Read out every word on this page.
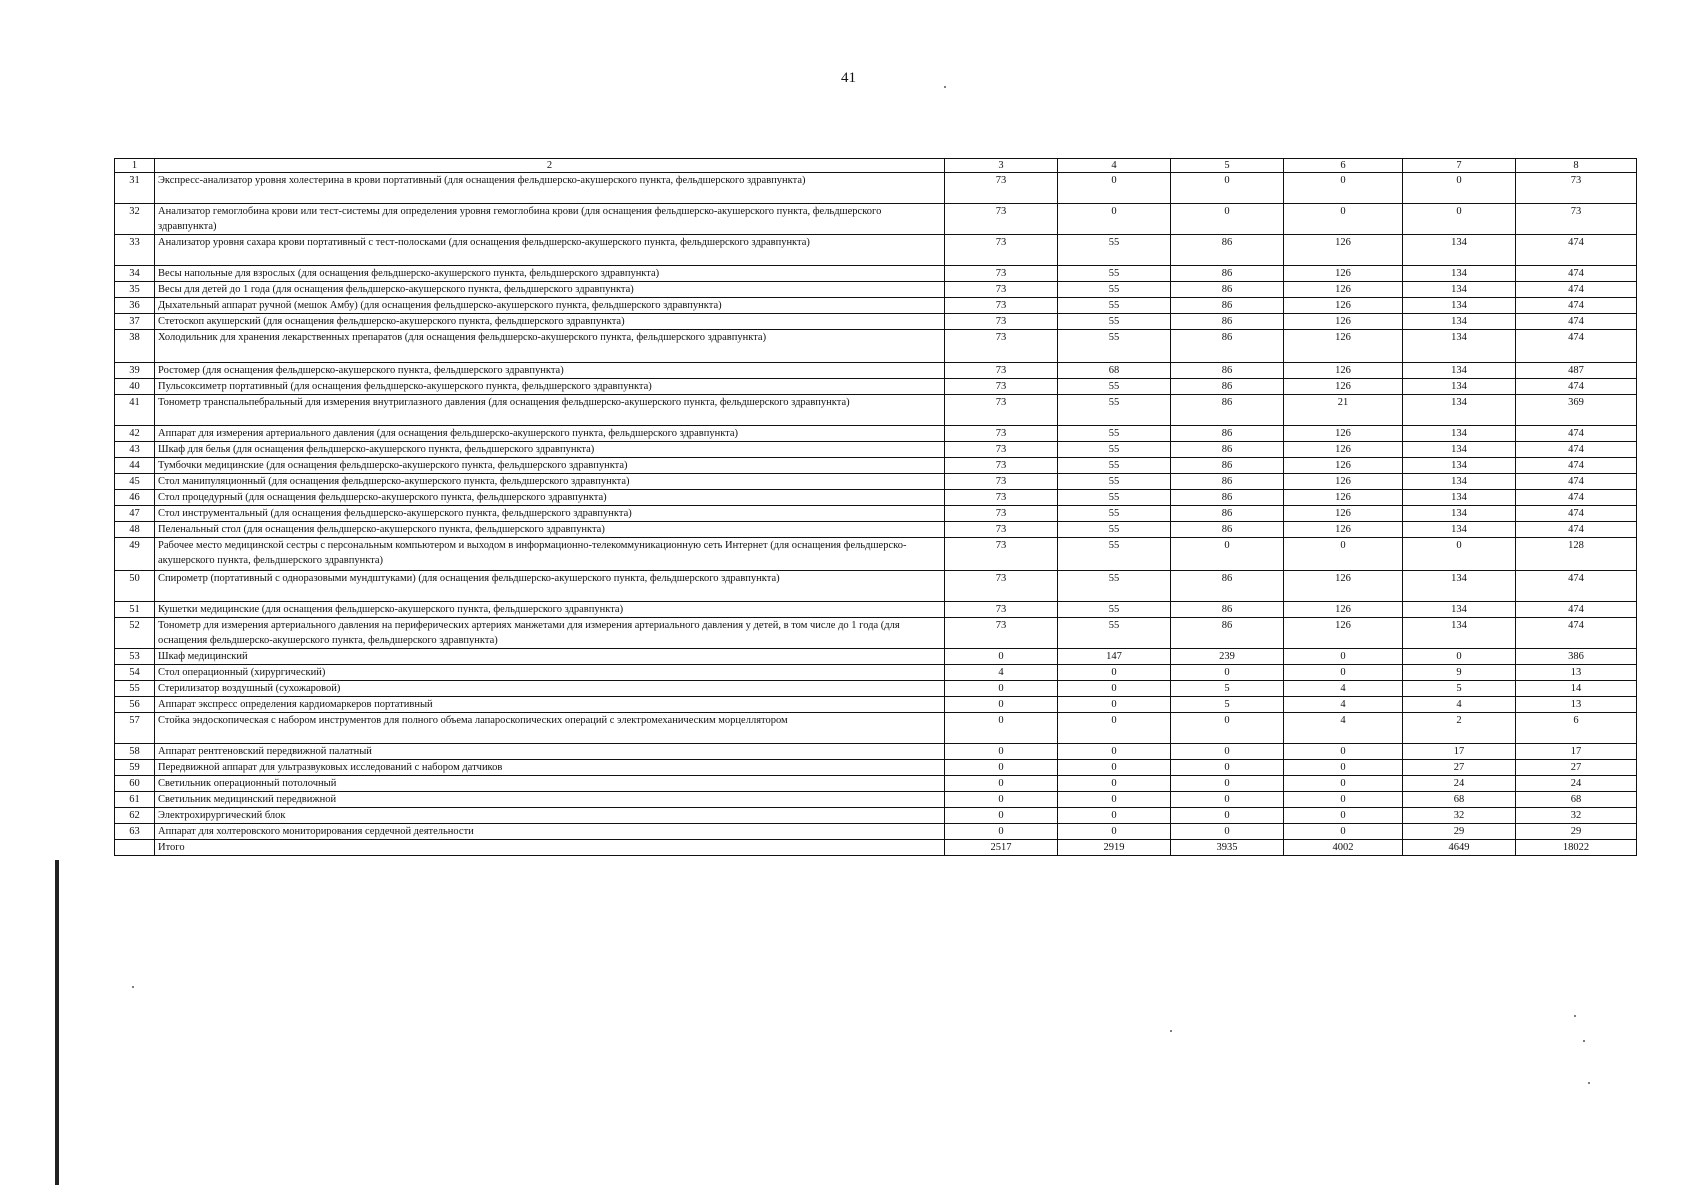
41
1	2	3	4	5	6	7	8
31	Экспресс-анализатор уровня холестерина в крови портативный (для оснащения фельдшерско-акушерского пункта, фельдшерского здравпункта)	73	0	0	0	0	73
32	Анализатор гемоглобина крови или тест-системы для определения уровня гемоглобина крови (для оснащения фельдшерско-акушерского пункта, фельдшерского здравпункта)	73	0	0	0	0	73
33	Анализатор уровня сахара крови портативный с тест-полосками (для оснащения фельдшерско-акушерского пункта, фельдшерского здравпункта)	73	55	86	126	134	474
34	Весы напольные для взрослых (для оснащения фельдшерско-акушерского пункта, фельдшерского здравпункта)	73	55	86	126	134	474
35	Весы для детей до 1 года (для оснащения фельдшерско-акушерского пункта, фельдшерского здравпункта)	73	55	86	126	134	474
36	Дыхательный аппарат ручной (мешок Амбу) (для оснащения фельдшерско-акушерского пункта, фельдшерского здравпункта)	73	55	86	126	134	474
37	Стетоскоп акушерский (для оснащения фельдшерско-акушерского пункта, фельдшерского здравпункта)	73	55	86	126	134	474
38	Холодильник для хранения лекарственных препаратов (для оснащения фельдшерско-акушерского пункта, фельдшерского здравпункта)	73	55	86	126	134	474
39	Ростомер (для оснащения фельдшерско-акушерского пункта, фельдшерского здравпункта)	73	68	86	126	134	487
40	Пульсоксиметр портативный (для оснащения фельдшерско-акушерского пункта, фельдшерского здравпункта)	73	55	86	126	134	474
41	Тонометр транспальпебральный для измерения внутриглазного давления (для оснащения фельдшерско-акушерского пункта, фельдшерского здравпункта)	73	55	86	21	134	369
42	Аппарат для измерения артериального давления (для оснащения фельдшерско-акушерского пункта, фельдшерского здравпункта)	73	55	86	126	134	474
43	Шкаф для белья (для оснащения фельдшерско-акушерского пункта, фельдшерского здравпункта)	73	55	86	126	134	474
44	Тумбочки медицинские (для оснащения фельдшерско-акушерского пункта, фельдшерского здравпункта)	73	55	86	126	134	474
45	Стол манипуляционный (для оснащения фельдшерско-акушерского пункта, фельдшерского здравпункта)	73	55	86	126	134	474
46	Стол процедурный (для оснащения фельдшерско-акушерского пункта, фельдшерского здравпункта)	73	55	86	126	134	474
47	Стол инструментальный (для оснащения фельдшерско-акушерского пункта, фельдшерского здравпункта)	73	55	86	126	134	474
48	Пеленальный стол (для оснащения фельдшерско-акушерского пункта, фельдшерского здравпункта)	73	55	86	126	134	474
49	Рабочее место медицинской сестры с персональным компьютером и выходом в информационно-телекоммуникационную сеть Интернет (для оснащения фельдшерско-акушерского пункта, фельдшерского здравпункта)	73	55	0	0	0	128
50	Спирометр (портативный с одноразовыми мундштуками) (для оснащения фельдшерско-акушерского пункта, фельдшерского здравпункта)	73	55	86	126	134	474
51	Кушетки медицинские (для оснащения фельдшерско-акушерского пункта, фельдшерского здравпункта)	73	55	86	126	134	474
52	Тонометр для измерения артериального давления на периферических артериях манжетами для измерения артериального давления у детей, в том числе до 1 года (для оснащения фельдшерско-акушерского пункта, фельдшерского здравпункта)	73	55	86	126	134	474
53	Шкаф медицинский	0	147	239	0	0	386
54	Стол операционный (хирургический)	4	0	0	0	9	13
55	Стерилизатор воздушный (сухожаровой)	0	0	5	4	5	14
56	Аппарат экспресс определения кардиомаркеров портативный	0	0	5	4	4	13
57	Стойка эндоскопическая с набором инструментов для полного объема лапароскопических операций с электромеханическим морцеллятором	0	0	0	4	2	6
58	Аппарат рентгеновский передвижной палатный	0	0	0	0	17	17
59	Передвижной аппарат для ультразвуковых исследований с набором датчиков	0	0	0	0	27	27
60	Светильник операционный потолочный	0	0	0	0	24	24
61	Светильник медицинский передвижной	0	0	0	0	68	68
62	Электрохирургический блок	0	0	0	0	32	32
63	Аппарат для холтеровского мониторирования сердечной деятельности	0	0	0	0	29	29
	Итого	2517	2919	3935	4002	4649	18022
